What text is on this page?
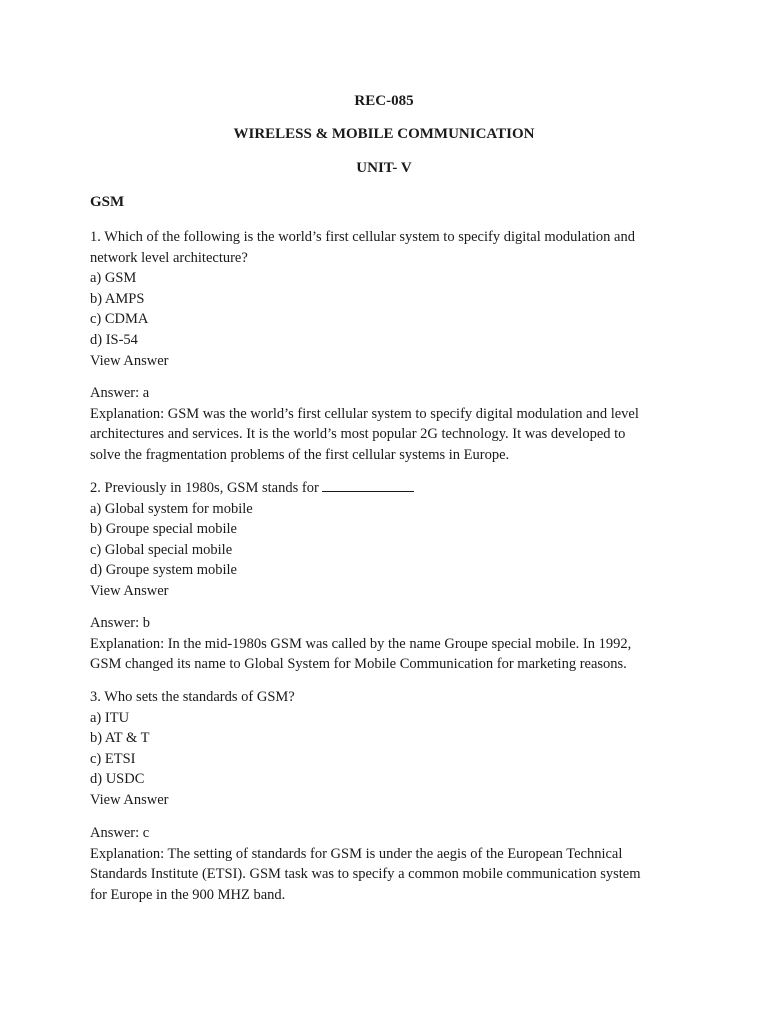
REC-085
WIRELESS & MOBILE COMMUNICATION
UNIT- V
GSM
1. Which of the following is the world’s first cellular system to specify digital modulation and
network level architecture?
a) GSM
b) AMPS
c) CDMA
d) IS-54
View Answer
Answer: a
Explanation: GSM was the world’s first cellular system to specify digital modulation and level
architectures and services. It is the world’s most popular 2G technology. It was developed to
solve the fragmentation problems of the first cellular systems in Europe.
2. Previously in 1980s, GSM stands for
a) Global system for mobile
b) Groupe special mobile
c) Global special mobile
d) Groupe system mobile
View Answer
Answer: b
Explanation: In the mid-1980s GSM was called by the name Groupe special mobile. In 1992,
GSM changed its name to Global System for Mobile Communication for marketing reasons.
3. Who sets the standards of GSM?
a) ITU
b) AT & T
c) ETSI
d) USDC
View Answer
Answer: c
Explanation: The setting of standards for GSM is under the aegis of the European Technical
Standards Institute (ETSI). GSM task was to specify a common mobile communication system
for Europe in the 900 MHZ band.
